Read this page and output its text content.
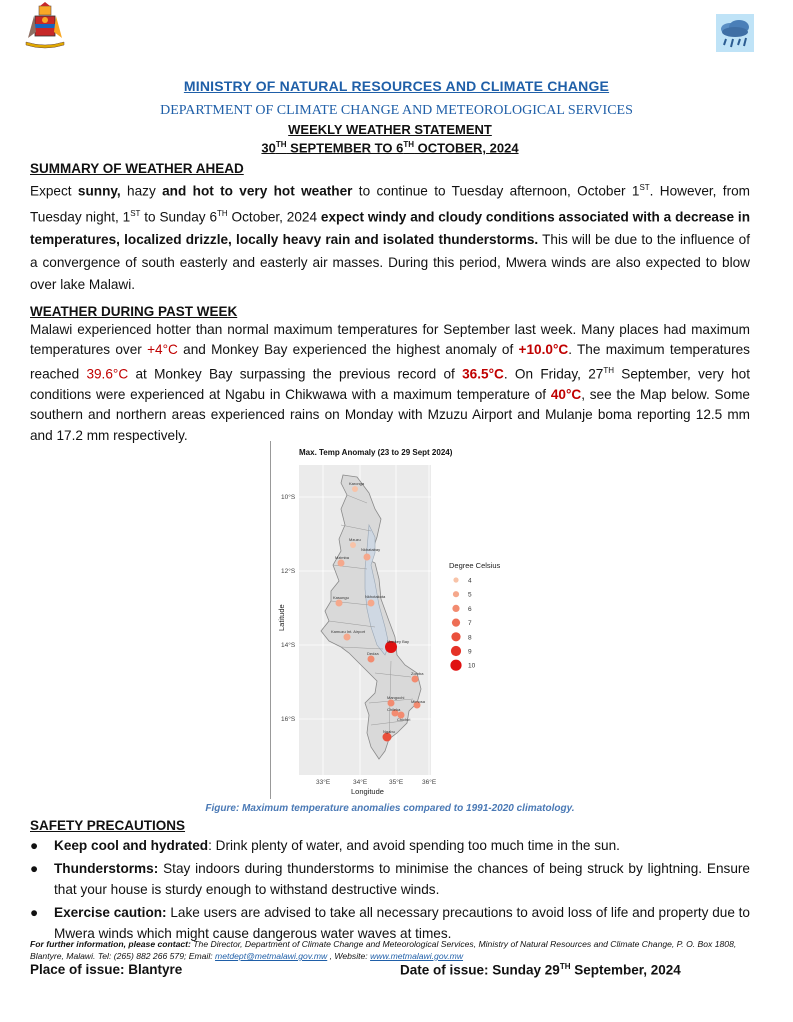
MINISTRY OF NATURAL RESOURCES AND CLIMATE CHANGE
DEPARTMENT OF CLIMATE CHANGE AND METEOROLOGICAL SERVICES
WEEKLY WEATHER STATEMENT
30TH SEPTEMBER TO 6TH OCTOBER, 2024
SUMMARY OF WEATHER AHEAD

Expect sunny, hazy and hot to very hot weather to continue to Tuesday afternoon, October 1ST. However, from Tuesday night, 1ST to Sunday 6TH October, 2024 expect windy and cloudy conditions associated with a decrease in temperatures, localized drizzle, locally heavy rain and isolated thunderstorms. This will be due to the influence of a convergence of south easterly and easterly air masses. During this period, Mwera winds are also expected to blow over lake Malawi.

WEATHER DURING PAST WEEK

Malawi experienced hotter than normal maximum temperatures for September last week. Many places had maximum temperatures over +4°C and Monkey Bay experienced the highest anomaly of +10.0°C. The maximum temperatures reached 39.6°C at Monkey Bay surpassing the previous record of 36.5°C. On Friday, 27TH September, very hot conditions were experienced at Ngabu in Chikwawa with a maximum temperature of 40°C, see the Map below. Some southern and northern areas experienced rains on Monday with Mzuzu Airport and Mulanje boma reporting 12.5 mm and 17.2 mm respectively.

Max. Temp Anomaly (23 to 29 Sept 2024)
Karonga
Mzuzu
Nkhatabay
Mzimba
Nkhotakota
Kasungu
Kamuzu Int. Airport
Monkey Bay
Dedza
Zomba
Mangochi
Chileka
Chichiri
Mimosa
Ngabu
10°S
12°S
14°S
16°S
33°E	34°E	35°E	36°E
Longitude
Latitude
Degree Celsius
4
5
6
7
8
9
10
Figure: Maximum temperature anomalies compared to 1991-2020 climatology.
SAFETY PRECAUTIONS
● Keep cool and hydrated: Drink plenty of water, and avoid spending too much time in the sun.
● Thunderstorms: Stay indoors during thunderstorms to minimise the chances of being struck by lightning. Ensure that your house is sturdy enough to withstand destructive winds.
● Exercise caution: Lake users are advised to take all necessary precautions to avoid loss of life and property due to Mwera winds which might cause dangerous water waves at times.
For further information, please contact: The Director, Department of Climate Change and Meteorological Services, Ministry of Natural Resources and Climate Change, P. O. Box 1808, Blantyre, Malawi. Tel: (265) 882 266 579; Email: metdept@metmalawi.gov.mw , Website: www.metmalawi.gov.mw
Place of issue: Blantyre	Date of issue: Sunday 29TH September, 2024
